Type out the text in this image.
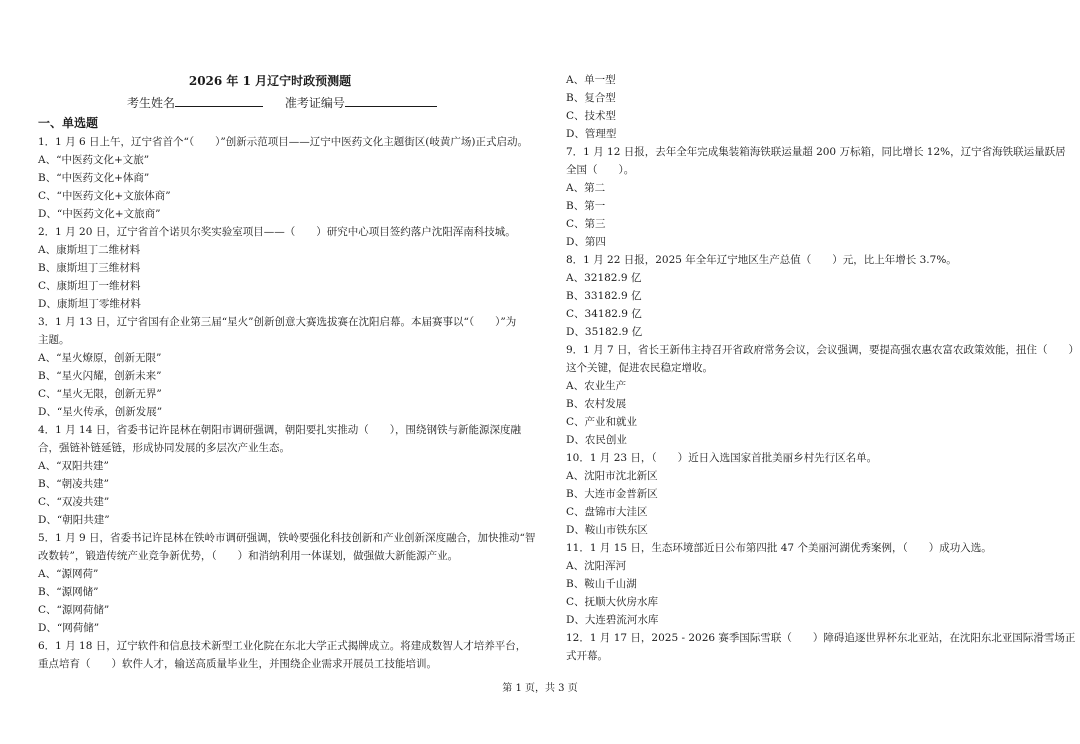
2026 年 1 月辽宁时政预测题
考生姓名	准考证编号
一、单选题
1．1 月 6 日上午，辽宁省首个“（　　）”创新示范项目——辽宁中医药文化主题街区(岐黄广场)正式启动。
A、“中医药文化+文旅”
B、“中医药文化+体商”
C、“中医药文化+文旅体商”
D、“中医药文化+文旅商”
2．1 月 20 日，辽宁省首个诺贝尔奖实验室项目——（　　）研究中心项目签约落户沈阳浑南科技城。
A、康斯坦丁二维材料
B、康斯坦丁三维材料
C、康斯坦丁一维材料
D、康斯坦丁零维材料
3．1 月 13 日，辽宁省国有企业第三届“星火”创新创意大赛选拔赛在沈阳启幕。本届赛事以“（　　）”为
主题。
A、“星火燎原，创新无限”
B、“星火闪耀，创新未来”
C、“星火无限，创新无界”
D、“星火传承，创新发展”
4．1 月 14 日，省委书记许昆林在朝阳市调研强调，朝阳要扎实推动（　　），围绕钢铁与新能源深度融
合，强链补链延链，形成协同发展的多层次产业生态。
A、“双阳共建”
B、“朝凌共建”
C、“双凌共建”
D、“朝阳共建”
5．1 月 9 日，省委书记许昆林在铁岭市调研强调，铁岭要强化科技创新和产业创新深度融合，加快推动“智
改数转”，锻造传统产业竞争新优势，（　　）和消纳利用一体谋划，做强做大新能源产业。
A、“源网荷”
B、“源网储”
C、“源网荷储”
D、“网荷储”
6．1 月 18 日，辽宁软件和信息技术新型工业化院在东北大学正式揭牌成立。将建成数智人才培养平台，
重点培育（　　）软件人才，输送高质量毕业生，并围绕企业需求开展员工技能培训。
A、单一型
B、复合型
C、技术型
D、管理型
7．1 月 12 日报，去年全年完成集装箱海铁联运量超 200 万标箱，同比增长 12%，辽宁省海铁联运量跃居
全国（　　）。
A、第二
B、第一
C、第三
D、第四
8．1 月 22 日报，2025 年全年辽宁地区生产总值（　　）元，比上年增长 3.7%。
A、32182.9 亿
B、33182.9 亿
C、34182.9 亿
D、35182.9 亿
9．1 月 7 日，省长王新伟主持召开省政府常务会议，会议强调，要提高强农惠农富农政策效能，扭住（　　）
这个关键，促进农民稳定增收。
A、农业生产
B、农村发展
C、产业和就业
D、农民创业
10．1 月 23 日，（　　）近日入选国家首批美丽乡村先行区名单。
A、沈阳市沈北新区
B、大连市金普新区
C、盘锦市大洼区
D、鞍山市铁东区
11．1 月 15 日，生态环境部近日公布第四批 47 个美丽河湖优秀案例，（　　）成功入选。
A、沈阳浑河
B、鞍山千山湖
C、抚顺大伙房水库
D、大连碧流河水库
12．1 月 17 日，2025 - 2026 赛季国际雪联（　　）障碍追逐世界杯东北亚站，在沈阳东北亚国际滑雪场正
式开幕。
第 1 页，共 3 页
